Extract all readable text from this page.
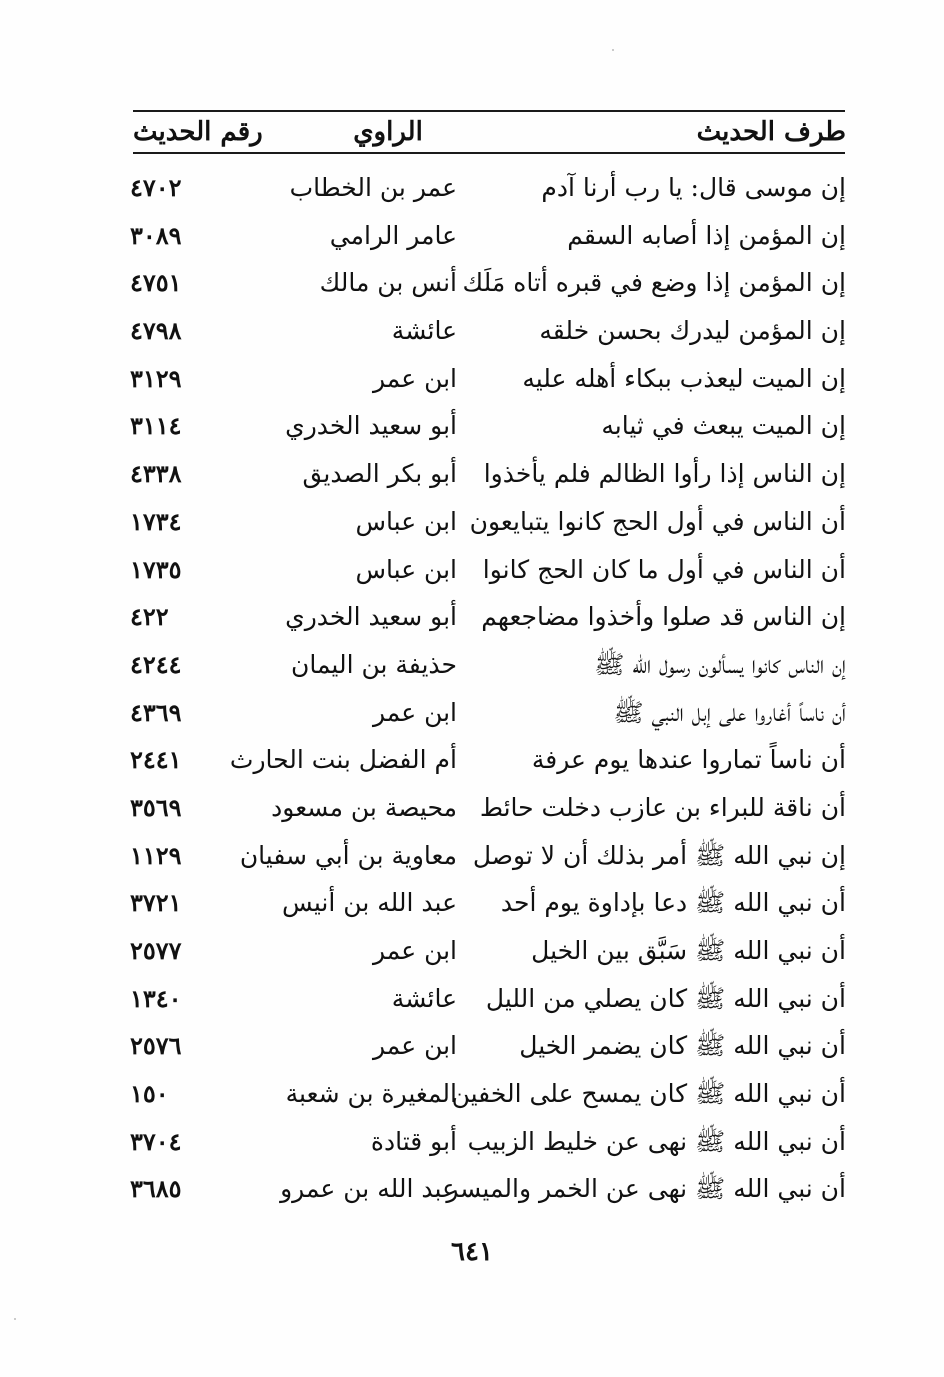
طرف الحديث
الراوي
رقم الحديث
إن موسى قال: يا رب أرنا آدم
عمر بن الخطاب
٤٧٠٢
إن المؤمن إذا أصابه السقم
عامر الرامي
٣٠٨٩
إن المؤمن إذا وضع في قبره أتاه مَلَك
أنس بن مالك
٤٧٥١
إن المؤمن ليدرك بحسن خلقه
عائشة
٤٧٩٨
إن الميت ليعذب ببكاء أهله عليه
ابن عمر
٣١٢٩
إن الميت يبعث في ثيابه
أبو سعيد الخدري
٣١١٤
إن الناس إذا رأوا الظالم فلم يأخذوا
أبو بكر الصديق
٤٣٣٨
أن الناس في أول الحج كانوا يتبايعون
ابن عباس
١٧٣٤
أن الناس في أول ما كان الحج كانوا
ابن عباس
١٧٣٥
إن الناس قد صلوا وأخذوا مضاجعهم
أبو سعيد الخدري
٤٢٢
إن الناس كانوا يسألون رسول الله ﷺ
حذيفة بن اليمان
٤٢٤٤
أن ناساً أغاروا على إبل النبي ﷺ
ابن عمر
٤٣٦٩
أن ناساً تماروا عندها يوم عرفة
أم الفضل بنت الحارث
٢٤٤١
أن ناقة للبراء بن عازب دخلت حائط
محيصة بن مسعود
٣٥٦٩
إن نبي الله ﷺ أمر بذلك أن لا توصل
معاوية بن أبي سفيان
١١٢٩
أن نبي الله ﷺ دعا بإداوة يوم أحد
عبد الله بن أنيس
٣٧٢١
أن نبي الله ﷺ سَبَّق بين الخيل
ابن عمر
٢٥٧٧
أن نبي الله ﷺ كان يصلي من الليل
عائشة
١٣٤٠
أن نبي الله ﷺ كان يضمر الخيل
ابن عمر
٢٥٧٦
أن نبي الله ﷺ كان يمسح على الخفين
المغيرة بن شعبة
١٥٠
أن نبي الله ﷺ نهى عن خليط الزبيب
أبو قتادة
٣٧٠٤
أن نبي الله ﷺ نهى عن الخمر والميسر
عبد الله بن عمرو
٣٦٨٥
٦٤١
